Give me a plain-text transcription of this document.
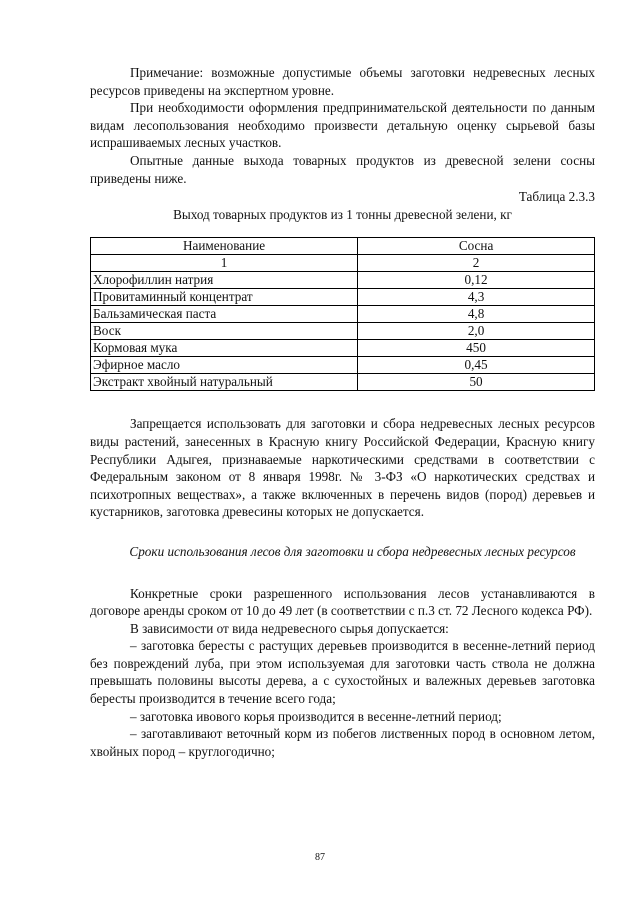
Примечание: возможные допустимые объемы заготовки недревесных лесных ресурсов приведены на экспертном уровне.

При необходимости оформления предпринимательской деятельности по данным видам лесопользования необходимо произвести детальную оценку сырьевой базы испрашиваемых лесных участков.

Опытные данные выхода товарных продуктов из древесной зелени сосны приведены ниже.

Таблица 2.3.3

Выход товарных продуктов из 1 тонны древесной зелени, кг

Наименование	Сосна
1	2
Хлорофиллин натрия	0,12
Провитаминный концентрат	4,3
Бальзамическая паста	4,8
Воск	2,0
Кормовая мука	450
Эфирное масло	0,45
Экстракт хвойный натуральный	50

Запрещается использовать для заготовки и сбора недревесных лесных ресурсов виды растений, занесенных в Красную книгу Российской Федерации, Красную книгу Республики Адыгея, признаваемые наркотическими средствами в соответствии с Федеральным законом от 8 января 1998г. № 3-ФЗ «О наркотических средствах и психотропных веществах», а также включенных в перечень видов (пород) деревьев и кустарников, заготовка древесины которых не допускается.

Сроки использования лесов для заготовки и сбора недревесных лесных ресурсов

Конкретные сроки разрешенного использования лесов устанавливаются в договоре аренды сроком от 10 до 49 лет (в соответствии с п.3 ст. 72 Лесного кодекса РФ).

В зависимости от вида недревесного сырья допускается:

– заготовка бересты с растущих деревьев производится в весенне-летний период без повреждений луба, при этом используемая для заготовки часть ствола не должна превышать половины высоты дерева, а с сухостойных и валежных деревьев заготовка бересты производится в течение всего года;

– заготовка ивового корья производится в весенне-летний период;

– заготавливают веточный корм из побегов лиственных пород в основном летом, хвойных пород – круглогодично;

87
